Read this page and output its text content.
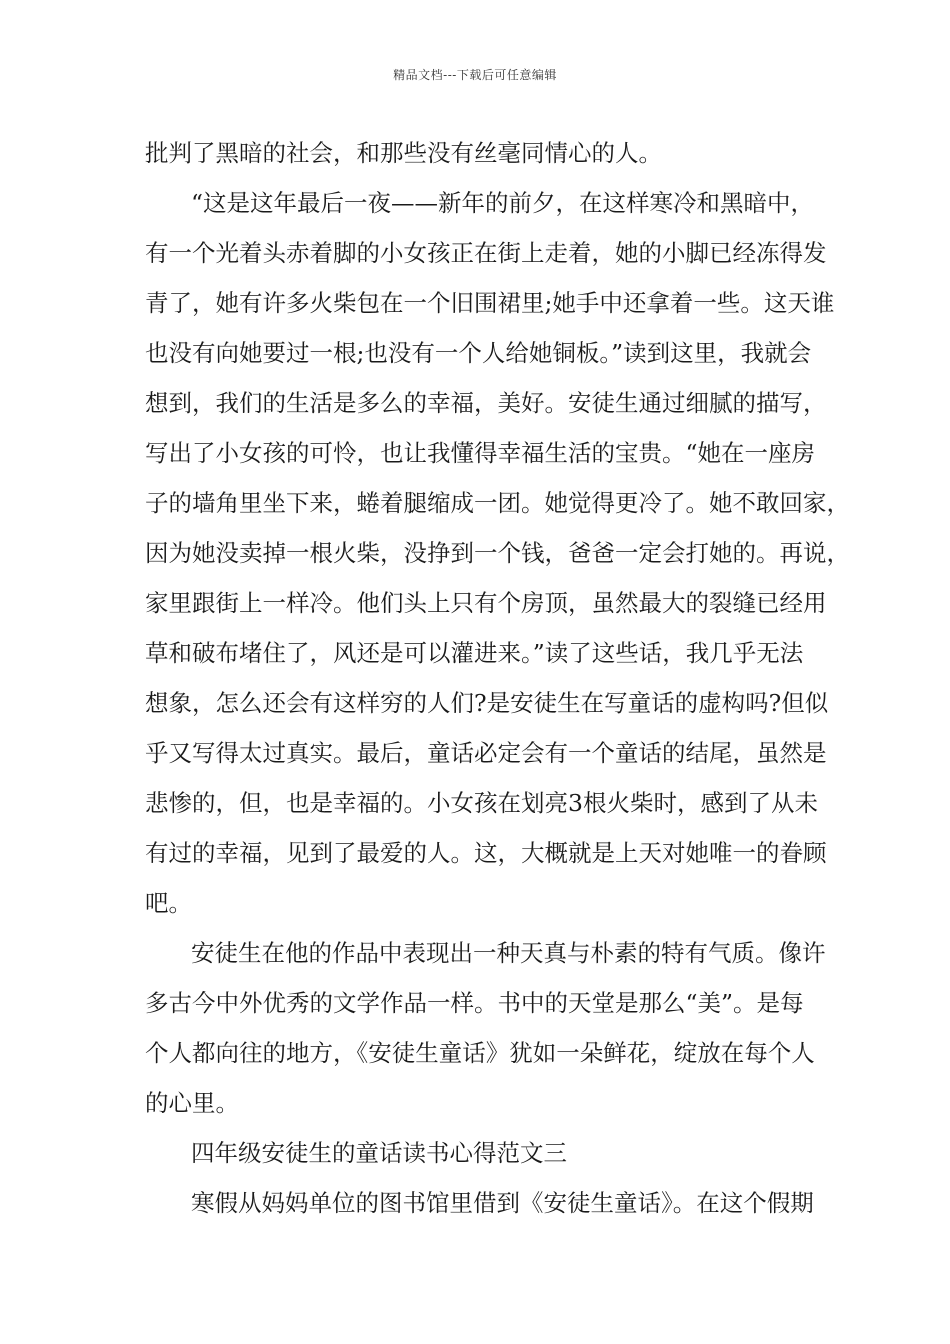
精品文档---下载后可任意编辑
批判了黑暗的社会，和那些没有丝毫同情心的人。
“这是这年最后一夜——新年的前夕，在这样寒冷和黑暗中，
有一个光着头赤着脚的小女孩正在街上走着，她的小脚已经冻得发
青了，她有许多火柴包在一个旧围裙里;她手中还拿着一些。这天谁
也没有向她要过一根;也没有一个人给她铜板。”读到这里，我就会
想到，我们的生活是多么的幸福，美好。安徒生通过细腻的描写，
写出了小女孩的可怜，也让我懂得幸福生活的宝贵。“她在一座房
子的墙角里坐下来，蜷着腿缩成一团。她觉得更冷了。她不敢回家，
因为她没卖掉一根火柴，没挣到一个钱，爸爸一定会打她的。再说，
家里跟街上一样冷。他们头上只有个房顶，虽然最大的裂缝已经用
草和破布堵住了，风还是可以灌进来。”读了这些话，我几乎无法
想象，怎么还会有这样穷的人们?是安徒生在写童话的虚构吗?但似
乎又写得太过真实。最后，童话必定会有一个童话的结尾，虽然是
悲惨的，但，也是幸福的。小女孩在划亮3根火柴时，感到了从未
有过的幸福，见到了最爱的人。这，大概就是上天对她唯一的眷顾
吧。
安徒生在他的作品中表现出一种天真与朴素的特有气质。像许
多古今中外优秀的文学作品一样。书中的天堂是那么“美”。是每
个人都向往的地方，《安徒生童话》犹如一朵鲜花，绽放在每个人
的心里。
四年级安徒生的童话读书心得范文三
寒假从妈妈单位的图书馆里借到《安徒生童话》。在这个假期
